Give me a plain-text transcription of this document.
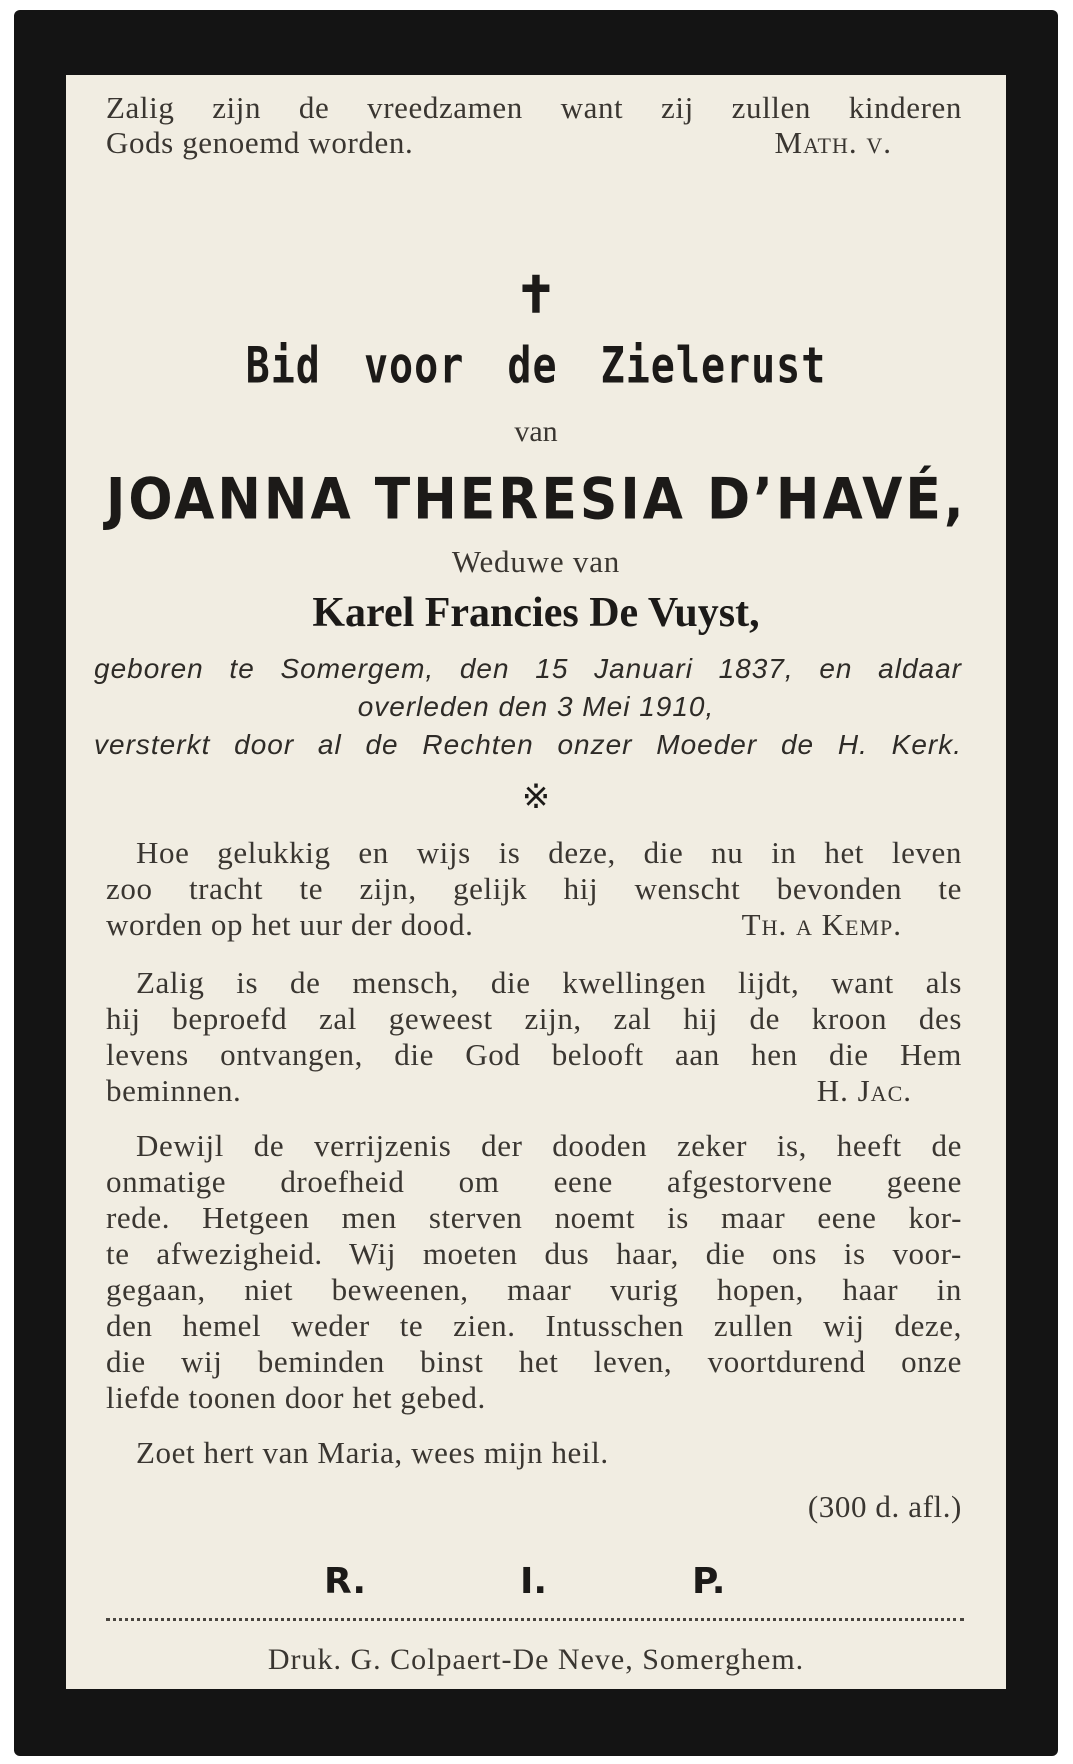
Zalig zijn de vreedzamen want zij zullen kinderen
Gods genoemd worden.	Math. v.
✝
Bid voor de Zielerust
van
JOANNA THERESIA D’HAVÉ,
Weduwe van
Karel Francies De Vuyst,
geboren te Somergem, den 15 Januari 1837, en aldaar
overleden den 3 Mei 1910,
versterkt door al de Rechten onzer Moeder de H. Kerk.
※
Hoe gelukkig en wijs is deze, die nu in het leven
zoo tracht te zijn, gelijk hij wenscht bevonden te
worden op het uur der dood.	Th. a Kemp.
Zalig is de mensch, die kwellingen lijdt, want als
hij beproefd zal geweest zijn, zal hij de kroon des
levens ontvangen, die God belooft aan hen die Hem
beminnen.	H. Jac.
Dewijl de verrijzenis der dooden zeker is, heeft de
onmatige droefheid om eene afgestorvene geene
rede. Hetgeen men sterven noemt is maar eene kor-
te afwezigheid. Wij moeten dus haar, die ons is voor-
gegaan, niet beweenen, maar vurig hopen, haar in
den hemel weder te zien. Intusschen zullen wij deze,
die wij beminden binst het leven, voortdurend onze
liefde toonen door het gebed.
Zoet hert van Maria, wees mijn heil.
(300 d. afl.)
R.	I.	P.
Druk. G. Colpaert-De Neve, Somerghem.
